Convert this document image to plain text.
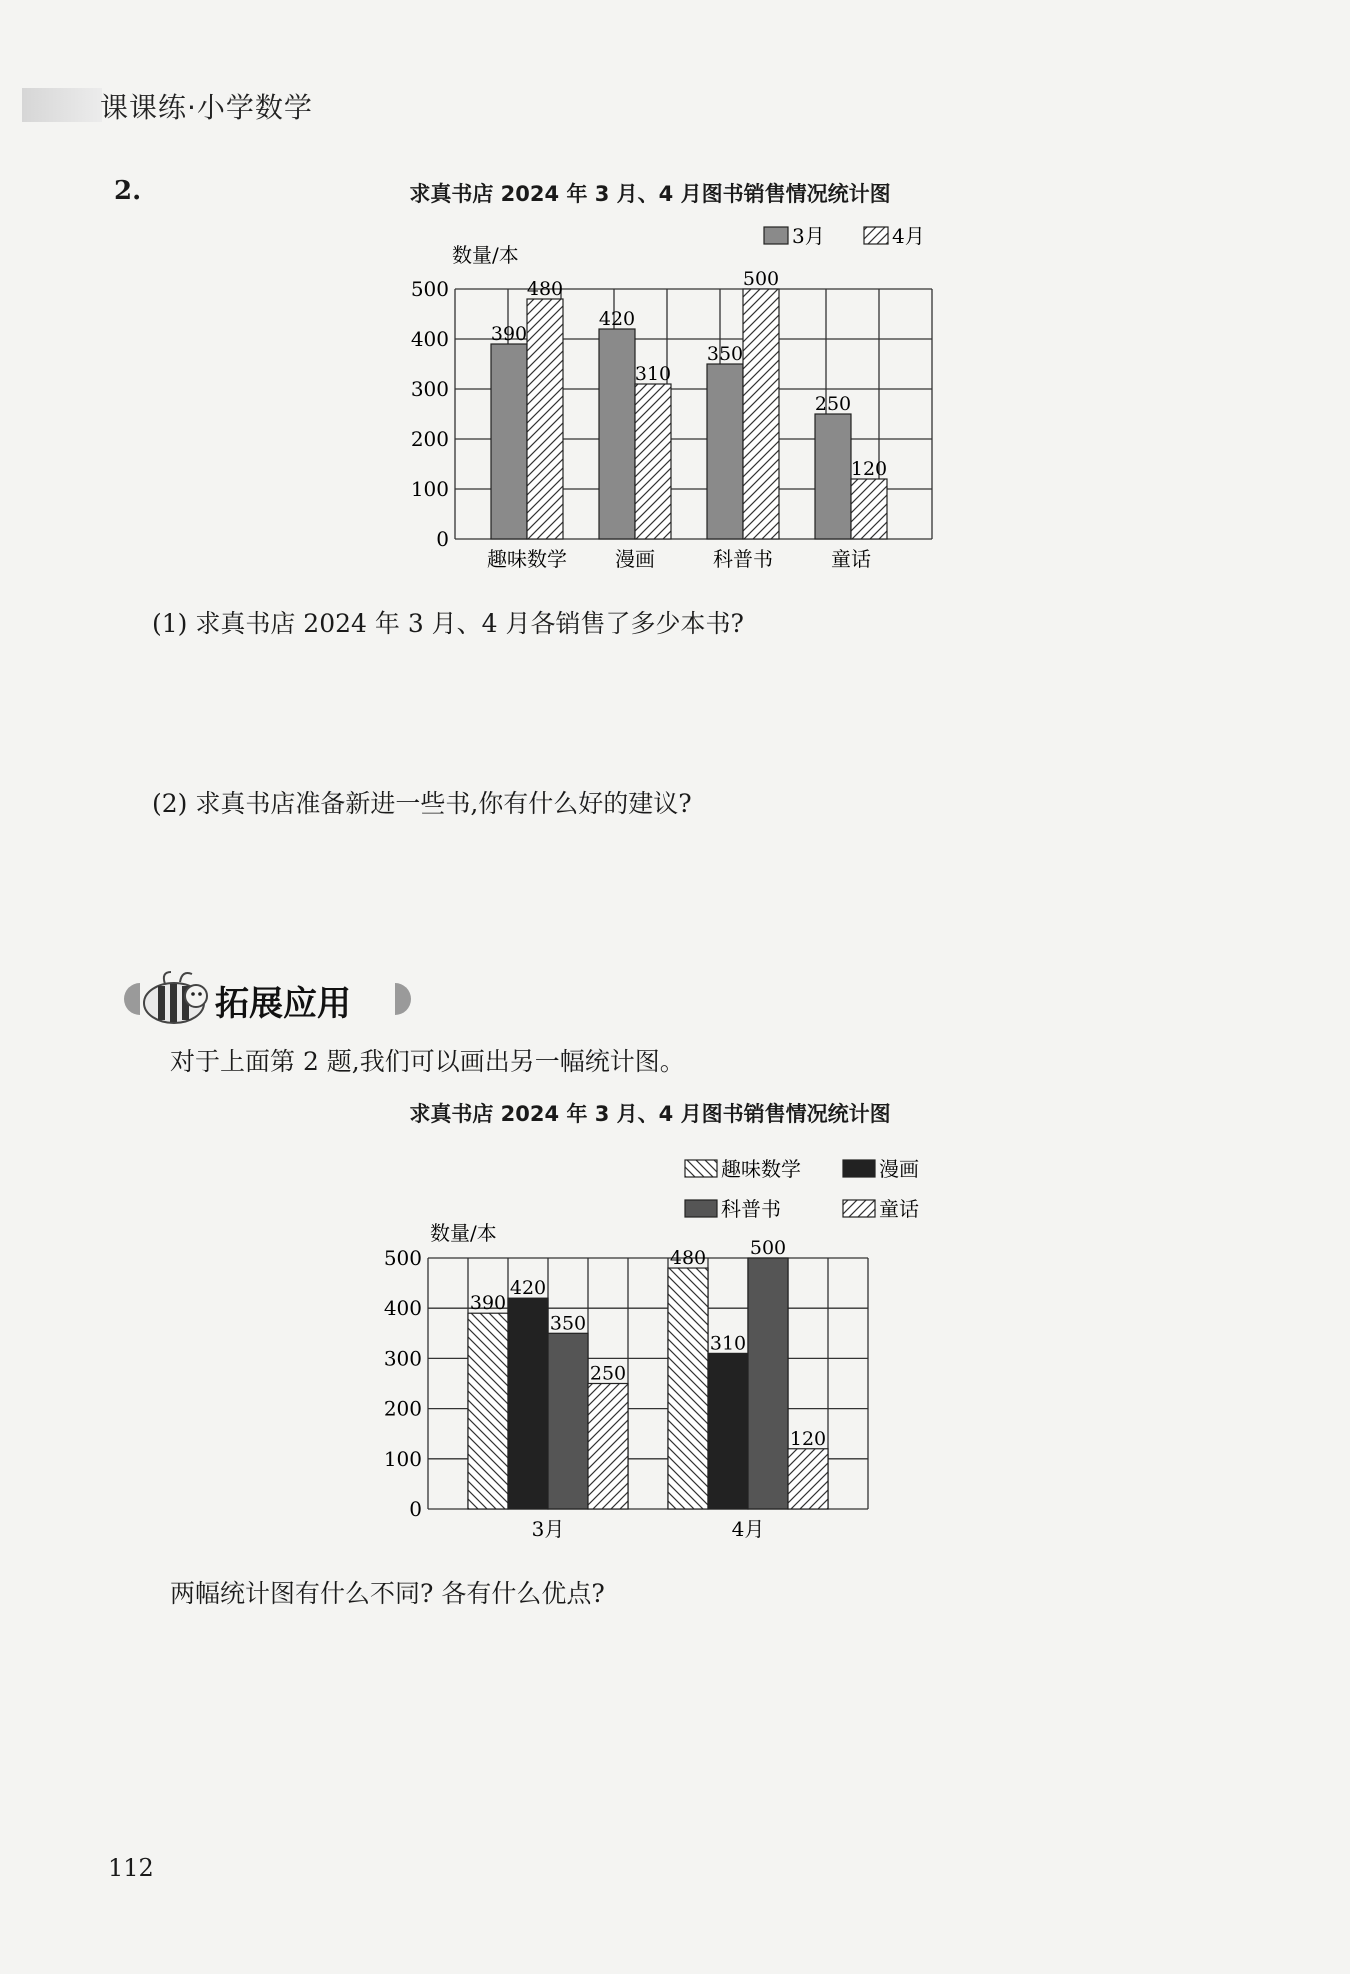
课课练·小学数学
2.	求真书店 2024 年 3 月、4 月图书销售情况统计图
0
100
200
300
400
500
数量/本
390
480
趣味数学
420
310
漫画
350
500
科普书
250
120
童话
3月	4月
(1) 求真书店 2024 年 3 月、4 月各销售了多少本书?
(2) 求真书店准备新进一些书,你有什么好的建议?
拓展应用
对于上面第 2 题,我们可以画出另一幅统计图。
求真书店 2024 年 3 月、4 月图书销售情况统计图
0
100
200
300
400
500
数量/本
390
420
350
250
3月
480
310
500
120
4月
趣味数学	漫画
科普书	童话
两幅统计图有什么不同? 各有什么优点?
112
